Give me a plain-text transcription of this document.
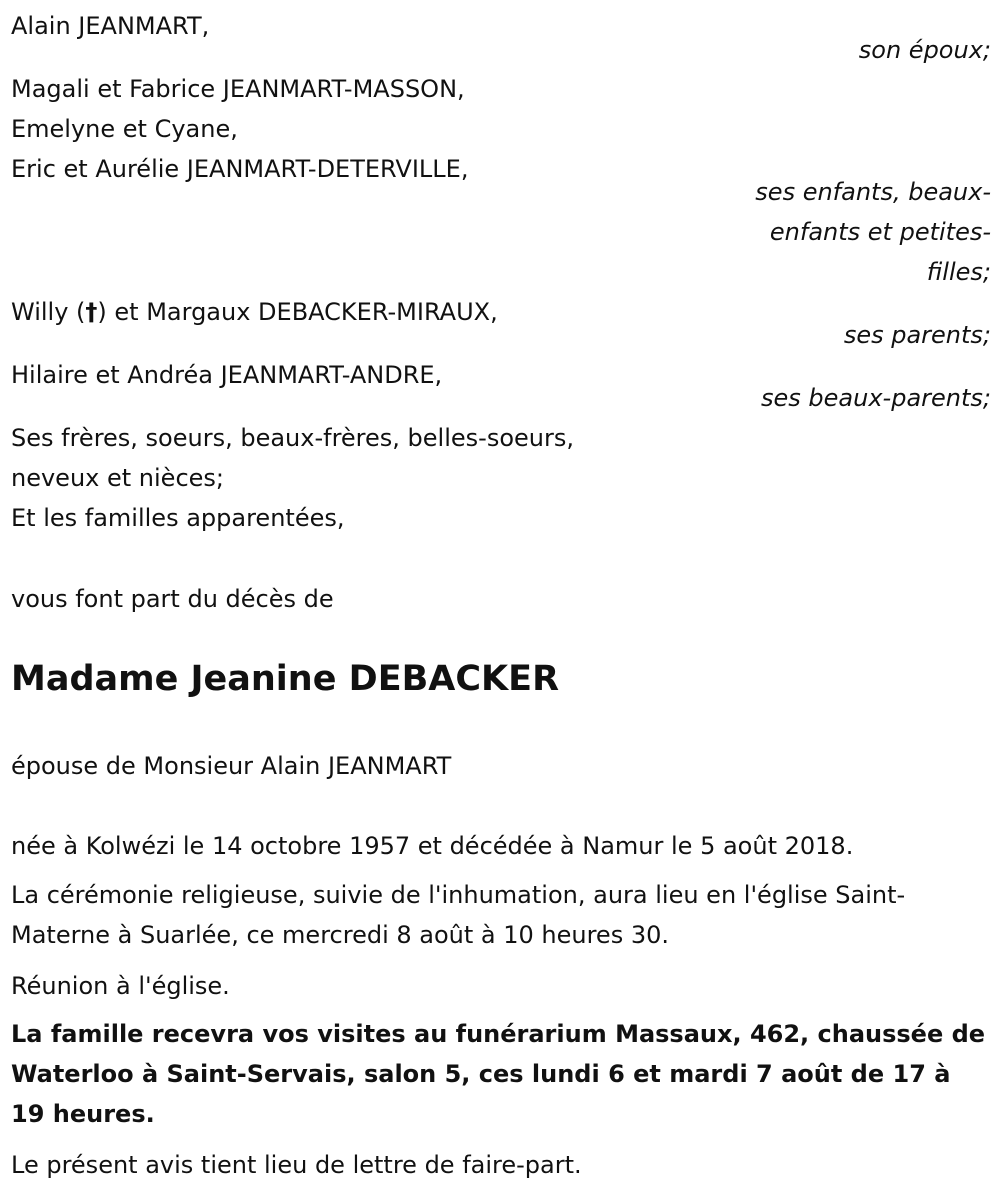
Alain JEANMART,
son époux;
Magali et Fabrice JEANMART-MASSON,
Emelyne et Cyane,
Eric et Aurélie JEANMART-DETERVILLE,
ses enfants, beaux-enfants et petites-filles;
Willy (†) et Margaux DEBACKER-MIRAUX,
ses parents;
Hilaire et Andréa JEANMART-ANDRE,
ses beaux-parents;
Ses frères, soeurs, beaux-frères, belles-soeurs,
neveux et nièces;
Et les familles apparentées,
vous font part du décès de
Madame Jeanine DEBACKER
épouse de Monsieur Alain JEANMART
née à Kolwézi le 14 octobre 1957 et décédée à Namur le 5 août 2018.
La cérémonie religieuse, suivie de l'inhumation, aura lieu en l'église Saint-Materne à Suarlée, ce mercredi 8 août à 10 heures 30.
Réunion à l'église.
La famille recevra vos visites au funérarium Massaux, 462, chaussée de Waterloo à Saint-Servais, salon 5, ces lundi 6 et mardi 7 août de 17 à 19 heures.
Le présent avis tient lieu de lettre de faire-part.
